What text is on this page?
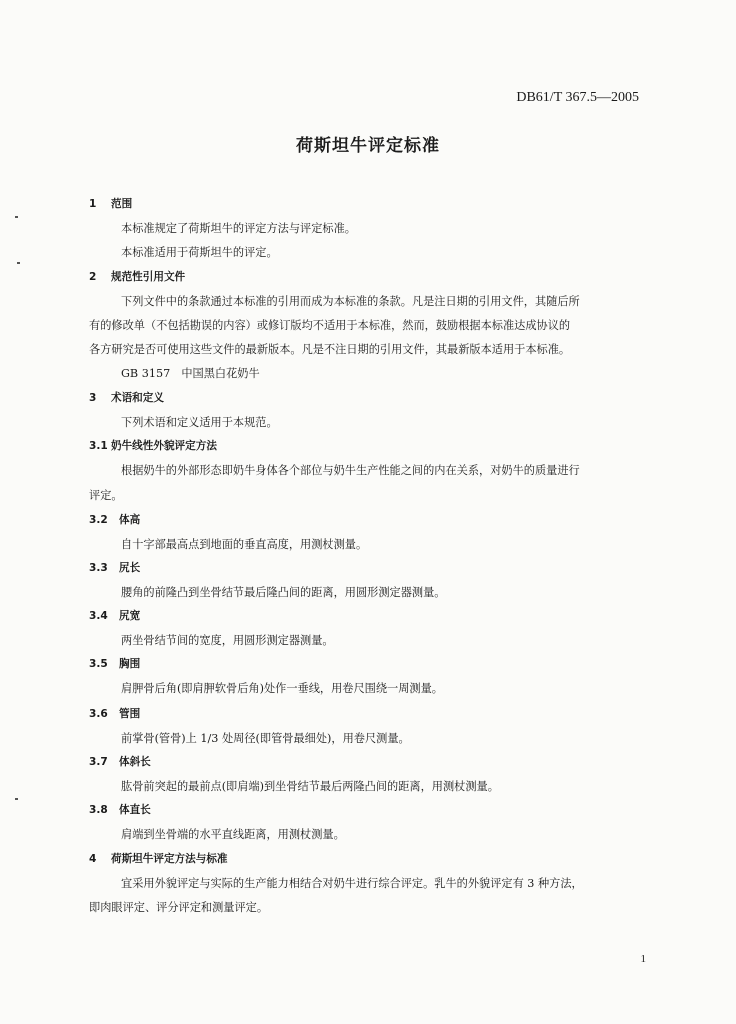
DB61/T 367.5—2005
荷斯坦牛评定标准
1 范围
本标准规定了荷斯坦牛的评定方法与评定标准。
本标准适用于荷斯坦牛的评定。
2 规范性引用文件
下列文件中的条款通过本标准的引用而成为本标准的条款。凡是注日期的引用文件，其随后所
有的修改单（不包括勘误的内容）或修订版均不适用于本标准，然而，鼓励根据本标准达成协议的
各方研究是否可使用这些文件的最新版本。凡是不注日期的引用文件，其最新版本适用于本标准。
GB 3157　中国黑白花奶牛
3 术语和定义
下列术语和定义适用于本规范。
3.1 奶牛线性外貌评定方法
根据奶牛的外部形态即奶牛身体各个部位与奶牛生产性能之间的内在关系，对奶牛的质量进行
评定。
3.2 体高
自十字部最高点到地面的垂直高度，用测杖测量。
3.3 尻长
腰角的前隆凸到坐骨结节最后隆凸间的距离，用圆形测定器测量。
3.4 尻宽
两坐骨结节间的宽度，用圆形测定器测量。
3.5 胸围
肩胛骨后角(即肩胛软骨后角)处作一垂线，用卷尺围绕一周测量。
3.6 管围
前掌骨(管骨)上 1/3 处周径(即管骨最细处)，用卷尺测量。
3.7 体斜长
肱骨前突起的最前点(即肩端)到坐骨结节最后两隆凸间的距离，用测杖测量。
3.8 体直长
肩端到坐骨端的水平直线距离，用测杖测量。
4 荷斯坦牛评定方法与标准
宜采用外貌评定与实际的生产能力相结合对奶牛进行综合评定。乳牛的外貌评定有 3 种方法，
即肉眼评定、评分评定和测量评定。
1
